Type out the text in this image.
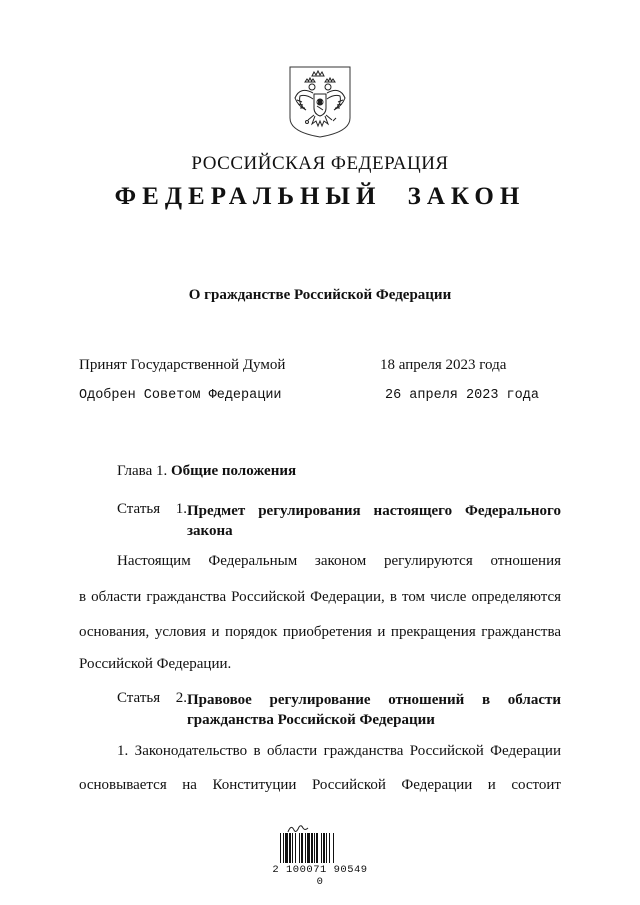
РОССИЙСКАЯ ФЕДЕРАЦИЯ
ФЕДЕРАЛЬНЫЙ ЗАКОН
О гражданстве Российской Федерации
Принят Государственной Думой	18 апреля 2023 года
Одобрен Советом Федерации	26 апреля 2023 года
Глава 1. Общие положения
Статья 1. Предмет регулирования настоящего Федерального закона
Настоящим Федеральным законом регулируются отношения
в области гражданства Российской Федерации, в том числе определяются
основания, условия и порядок приобретения и прекращения гражданства
Российской Федерации.
Статья 2. Правовое регулирование отношений в области гражданства Российской Федерации
1. Законодательство в области гражданства Российской Федерации
основывается на Конституции Российской Федерации и состоит
2 100071 90549 0
